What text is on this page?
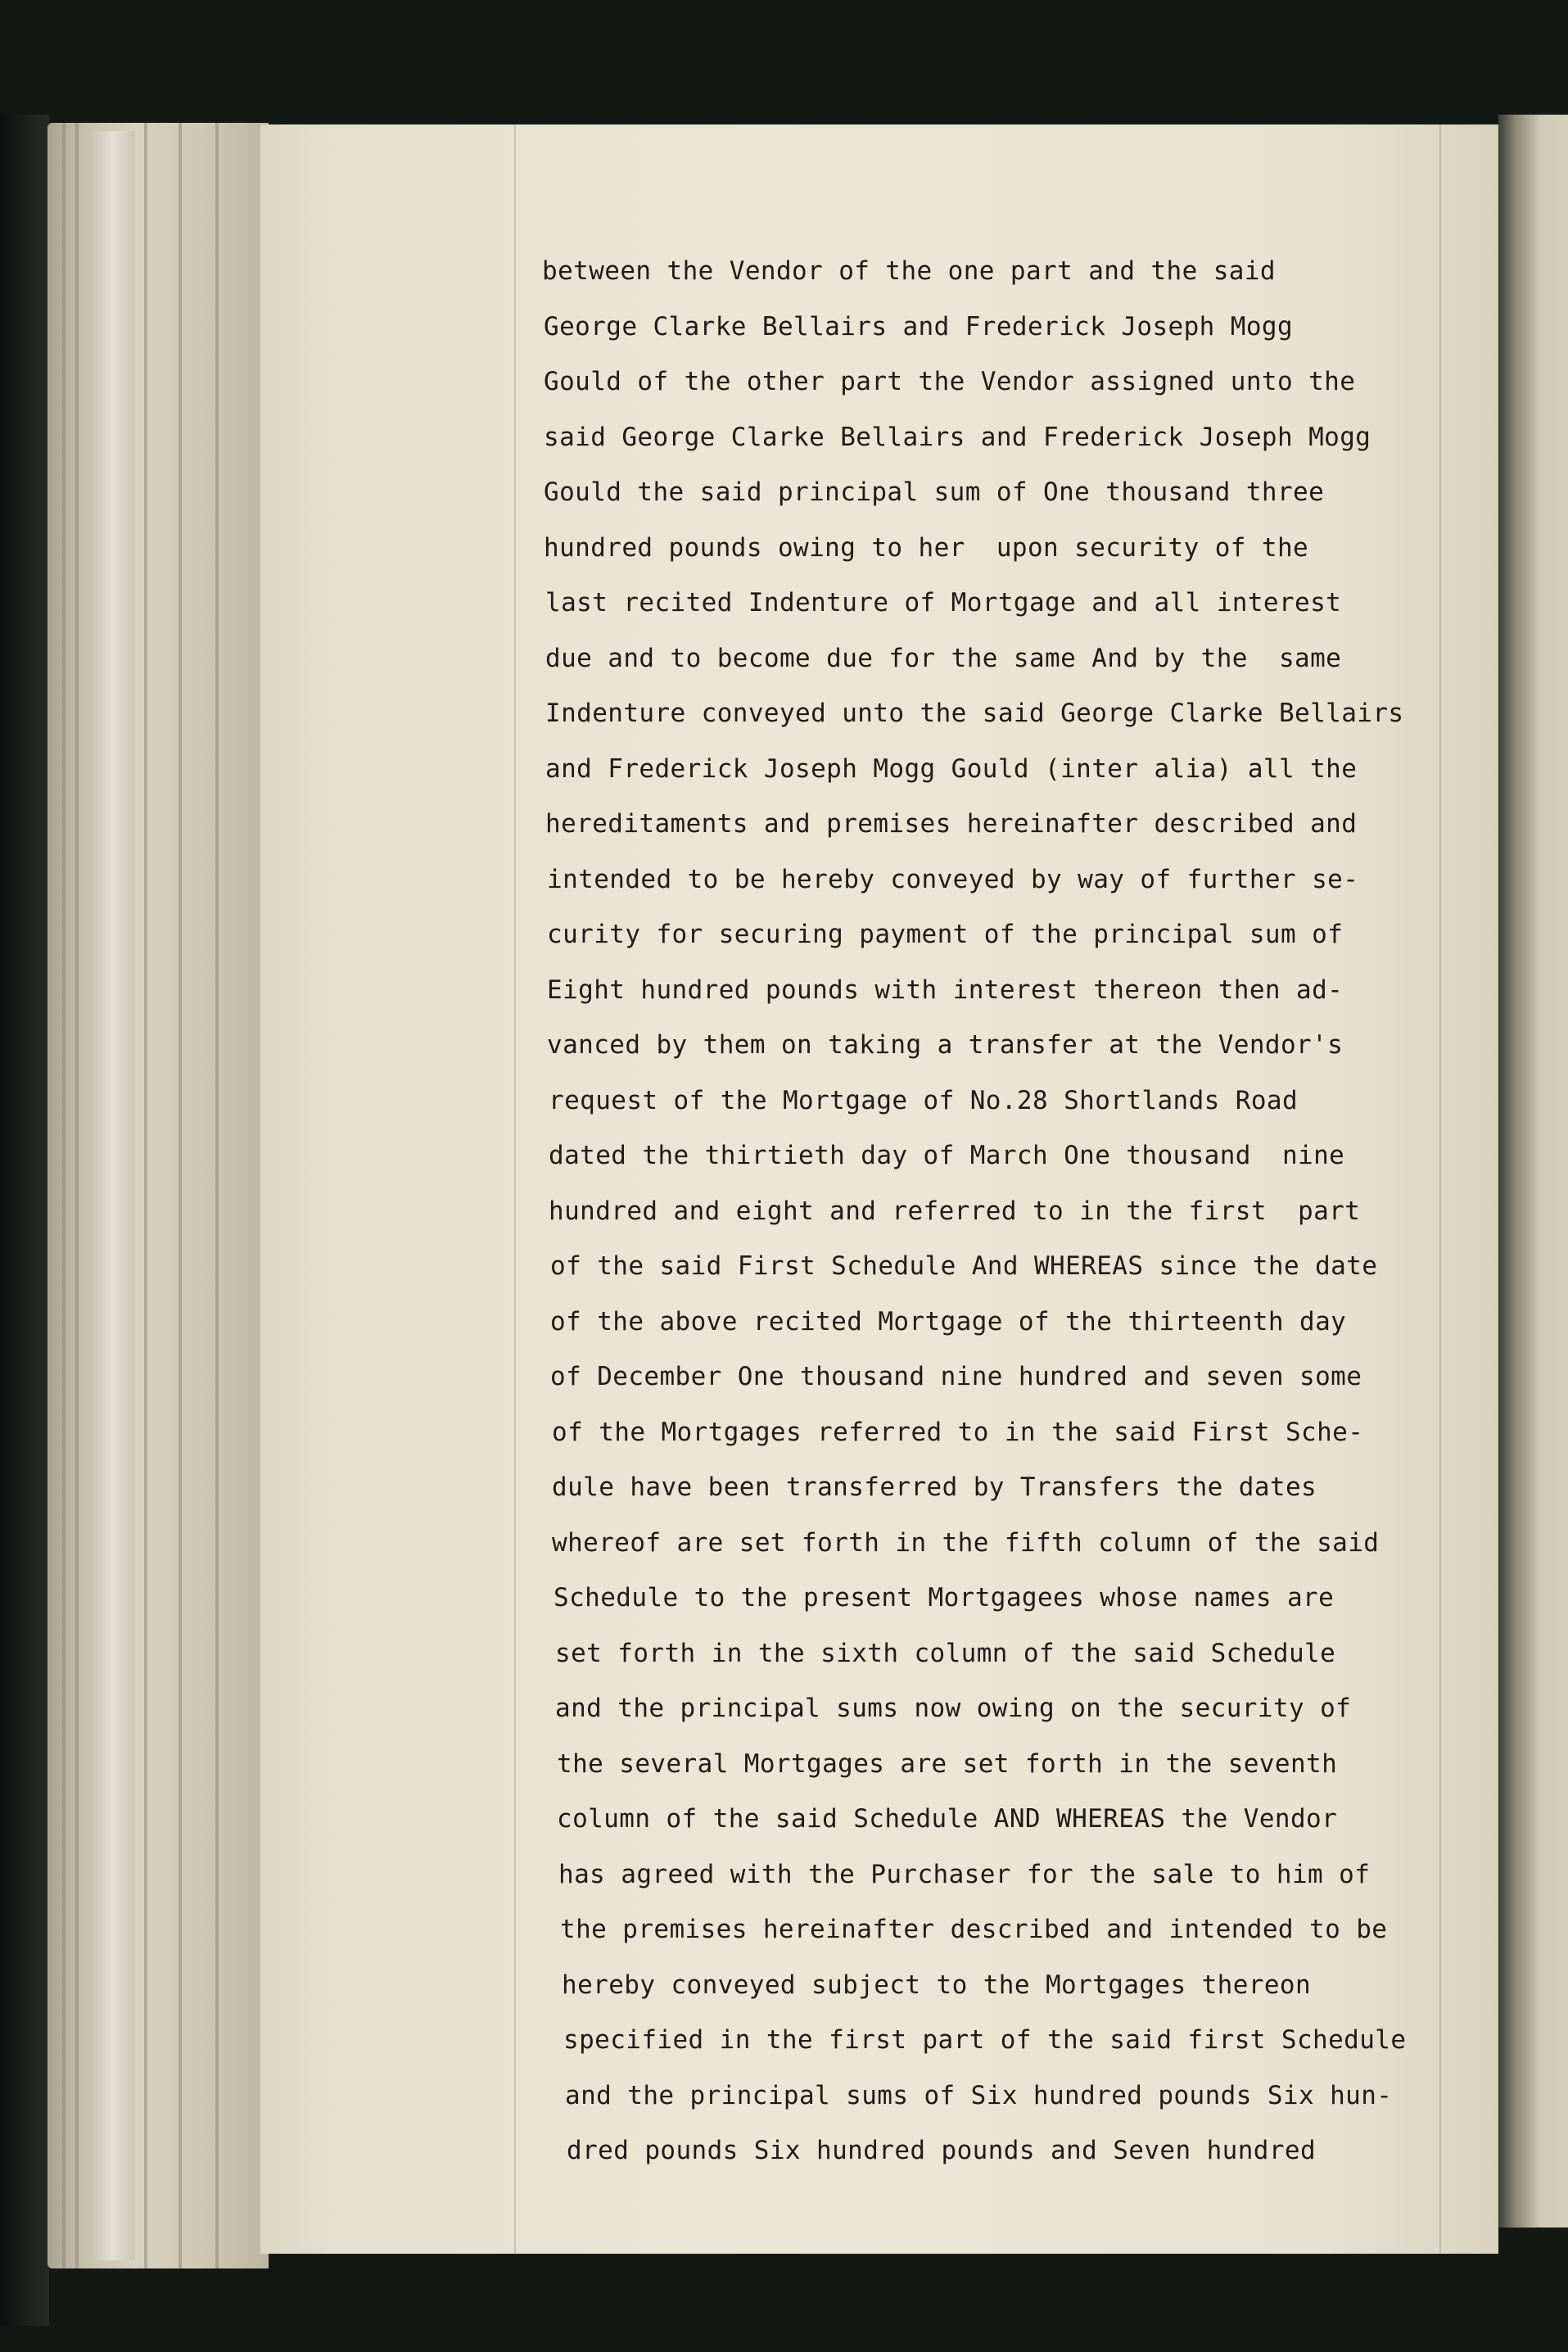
between the Vendor of the one part and the said

George Clarke Bellairs and Frederick Joseph Mogg

Gould of the other part the Vendor assigned unto the

said George Clarke Bellairs and Frederick Joseph Mogg

Gould the said principal sum of One thousand three

hundred pounds owing to her  upon security of the

last recited Indenture of Mortgage and all interest

due and to become due for the same And by the  same

Indenture conveyed unto the said George Clarke Bellairs

and Frederick Joseph Mogg Gould (inter alia) all the

hereditaments and premises hereinafter described and

intended to be hereby conveyed by way of further se-

curity for securing payment of the principal sum of

Eight hundred pounds with interest thereon then ad-

vanced by them on taking a transfer at the Vendor's

request of the Mortgage of No.28 Shortlands Road

dated the thirtieth day of March One thousand  nine

hundred and eight and referred to in the first  part

of the said First Schedule And WHEREAS since the date

of the above recited Mortgage of the thirteenth day

of December One thousand nine hundred and seven some

of the Mortgages referred to in the said First Sche-

dule have been transferred by Transfers the dates

whereof are set forth in the fifth column of the said

Schedule to the present Mortgagees whose names are

set forth in the sixth column of the said Schedule

and the principal sums now owing on the security of

the several Mortgages are set forth in the seventh

column of the said Schedule AND WHEREAS the Vendor

has agreed with the Purchaser for the sale to him of

the premises hereinafter described and intended to be

hereby conveyed subject to the Mortgages thereon

specified in the first part of the said first Schedule

and the principal sums of Six hundred pounds Six hun-

dred pounds Six hundred pounds and Seven hundred
